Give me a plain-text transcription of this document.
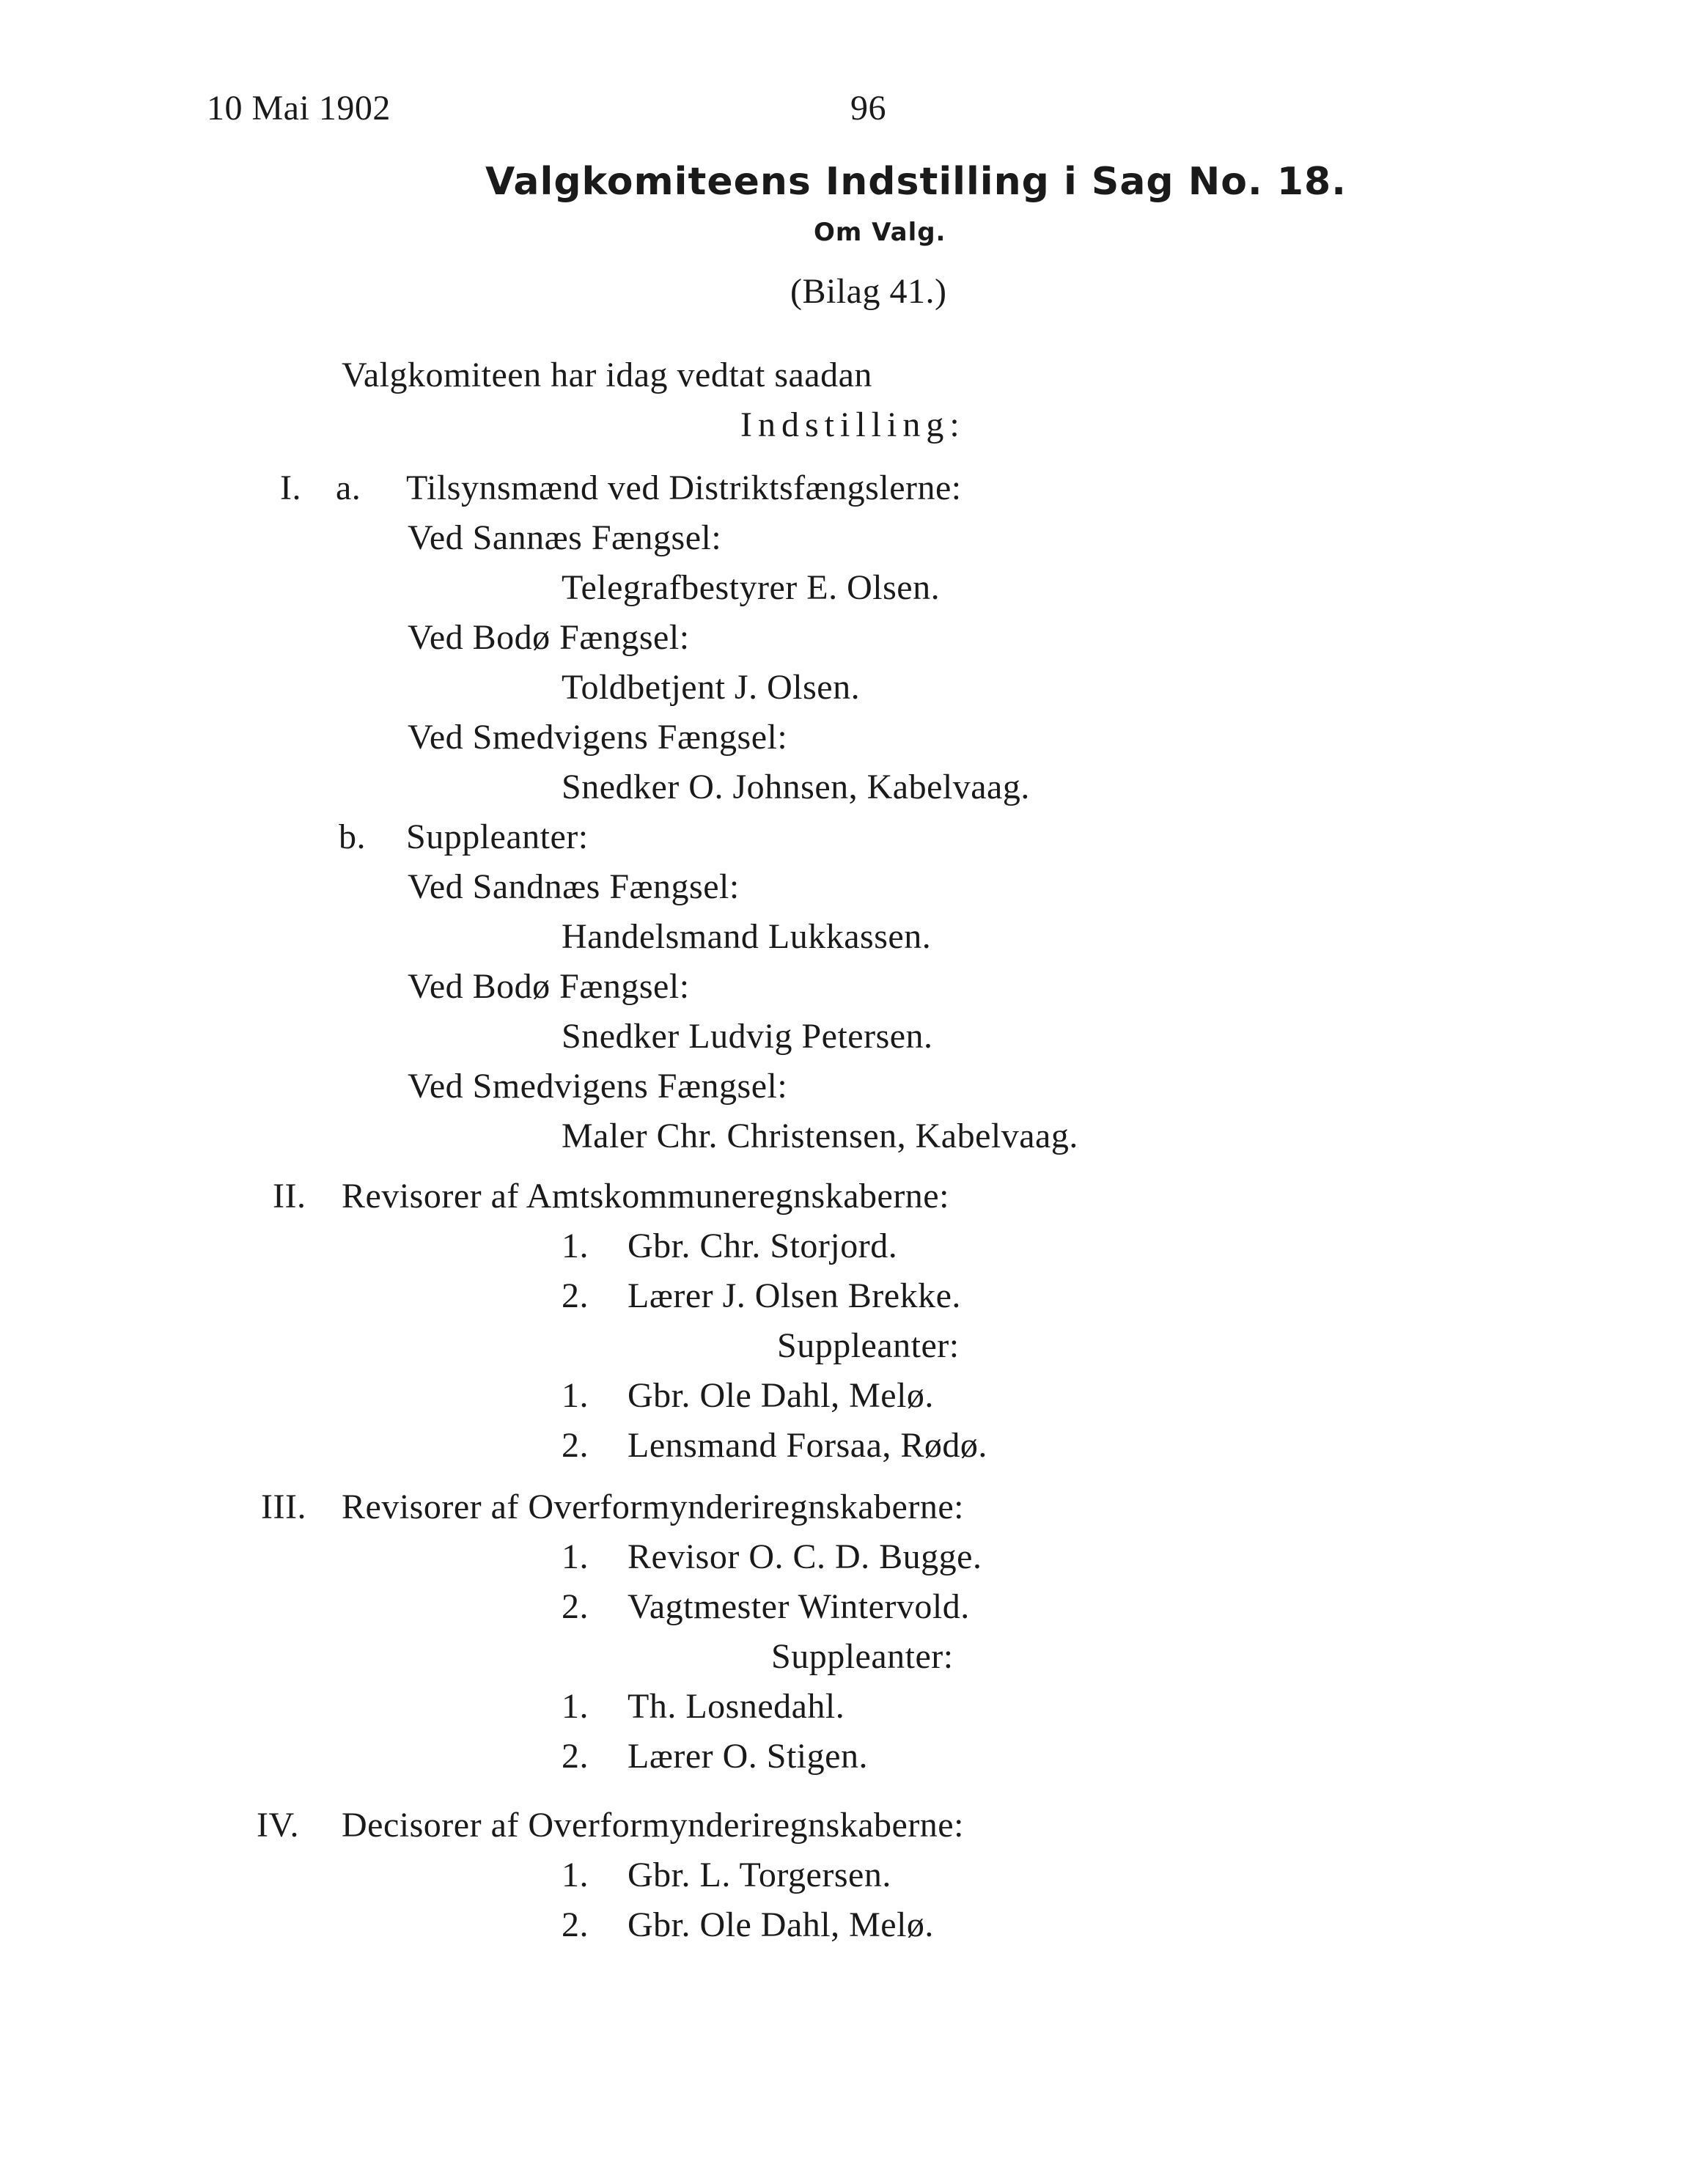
10 Mai 1902	96
Valgkomiteens Indstilling i Sag No. 18.
Om Valg.
(Bilag 41.)
Valgkomiteen har idag vedtat saadan
Indstilling:
I. a. Tilsynsmænd ved Distriktsfængslerne:
Ved Sannæs Fængsel:
Telegrafbestyrer E. Olsen.
Ved Bodø Fængsel:
Toldbetjent J. Olsen.
Ved Smedvigens Fængsel:
Snedker O. Johnsen, Kabelvaag.
b. Suppleanter:
Ved Sandnæs Fængsel:
Handelsmand Lukkassen.
Ved Bodø Fængsel:
Snedker Ludvig Petersen.
Ved Smedvigens Fængsel:
Maler Chr. Christensen, Kabelvaag.
II. Revisorer af Amtskommuneregnskaberne:
1. Gbr. Chr. Storjord.
2. Lærer J. Olsen Brekke.
Suppleanter:
1. Gbr. Ole Dahl, Melø.
2. Lensmand Forsaa, Rødø.
III. Revisorer af Overformynderiregnskaberne:
1. Revisor O. C. D. Bugge.
2. Vagtmester Wintervold.
Suppleanter:
1. Th. Losnedahl.
2. Lærer O. Stigen.
IV. Decisorer af Overformynderiregnskaberne:
1. Gbr. L. Torgersen.
2. Gbr. Ole Dahl, Melø.
